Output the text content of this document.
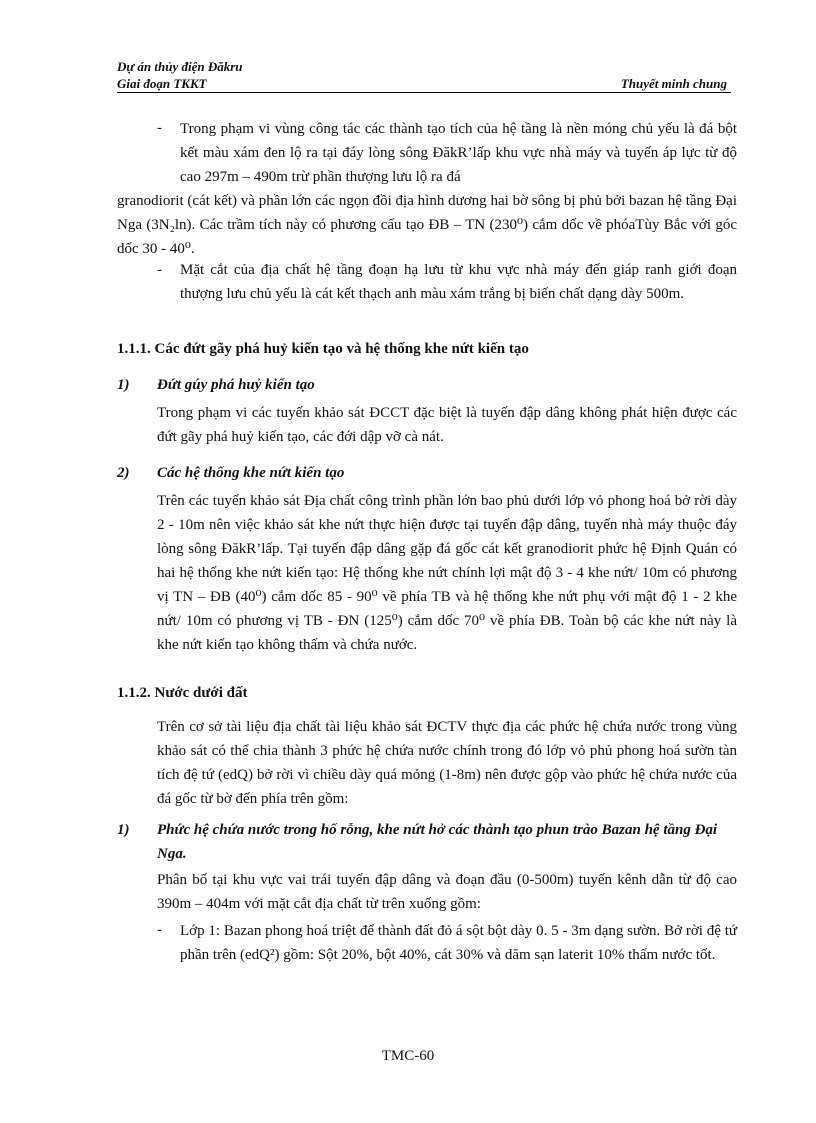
Dự án thủy điện Đăkru
Giai đoạn TKKT	Thuyết minh chung
- Trong phạm vi vùng công tác các thành tạo tích của hệ tầng là nền móng chủ yếu là đá bột kết màu xám đen lộ ra tại đáy lòng sông ĐăkR’lấp khu vực nhà máy và tuyến áp lực từ độ cao 297m – 490m trừ phần thượng lưu lộ ra đá
granodiorit (cát kết) và phần lớn các ngọn đồi địa hình dương hai bờ sông bị phủ bởi bazan hệ tầng Đại Nga (3N₂ln). Các trầm tích này có phương cấu tạo ĐB – TN (230⁰) cắm dốc về phóaTùy Bắc với góc dốc 30 - 40⁰.
- Mặt cắt của địa chất hệ tầng đoạn hạ lưu từ khu vực nhà máy đến giáp ranh giới đoạn thượng lưu chủ yếu là cát kết thạch anh màu xám trắng bị biến chất dạng dày 500m.
1.1.1. Các đứt gãy phá huỷ kiến tạo và hệ thống khe nứt kiến tạo
1) Đứt gúy phá huỷ kiến tạo
Trong phạm vi các tuyến khảo sát ĐCCT đặc biệt là tuyến đập dâng không phát hiện được các đứt gãy phá huỷ kiến tạo, các đới dập vỡ cà nát.
2) Các hệ thống khe nứt kiến tạo
Trên các tuyến khảo sát Địa chất công trình phần lớn bao phủ dưới lớp vỏ phong hoá bở rời dày 2 - 10m nên việc khảo sát khe nứt thực hiện được tại tuyến đập dâng, tuyến nhà máy thuộc đáy lòng sông ĐăkR’lấp. Tại tuyến đập dâng gặp đá gốc cát kết granodiorit phức hệ Định Quán có hai hệ thống khe nứt kiến tạo: Hệ thống khe nứt chính lợi mật độ 3 - 4 khe nứt/ 10m có phương vị TN – ĐB (40⁰) cắm dốc 85 - 90⁰ về phía TB và hệ thống khe nứt phụ với mật độ 1 - 2 khe nứt/ 10m có phương vị TB - ĐN (125⁰) cắm dốc 70⁰ về phía ĐB. Toàn bộ các khe nứt này là khe nứt kiến tạo không thấm và chứa nước.
1.1.2. Nước dưới đất
Trên cơ sở tài liệu địa chất tài liệu khảo sát ĐCTV thực địa các phức hệ chứa nước trong vùng khảo sát có thể chia thành 3 phức hệ chứa nước chính trong đó lớp vỏ phủ phong hoá sườn tàn tích đệ tứ (edQ) bở rời vì chiều dày quá mỏng (1-8m) nên được gộp vào phức hệ chứa nước của đá gốc từ bờ đến phía trên gồm:
1) Phức hệ chứa nước trong hố rỗng, khe nứt hở các thành tạo phun trào Bazan hệ tầng Đại Nga.
Phân bố tại khu vực vai trái tuyến đập dâng và đoạn đầu (0-500m) tuyến kênh dẫn từ độ cao 390m – 404m với mặt cắt địa chất từ trên xuống gồm:
- Lớp 1: Bazan phong hoá triệt để thành đất đỏ á sột bột dày 0. 5 - 3m dạng sườn. Bở rời đệ tứ phần trên (edQ²) gồm: Sột 20%, bột 40%, cát 30% và dăm sạn laterit 10% thấm nước tốt.
TMC-60
